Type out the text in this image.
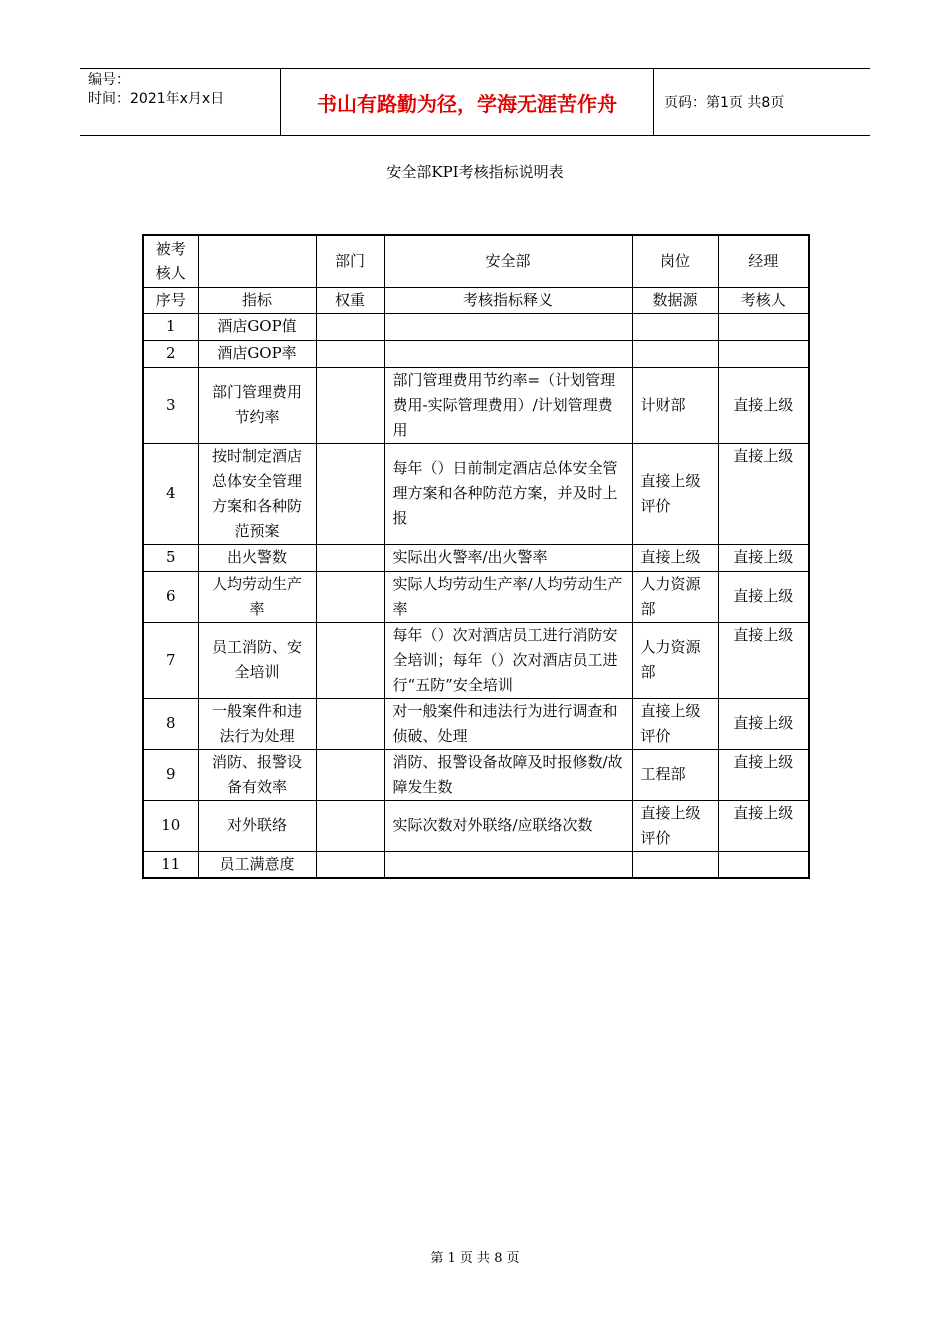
编号：
时间：2021年x月x日	书山有路勤为径，学海无涯苦作舟	页码：第1页 共8页
安全部KPI考核指标说明表
被考核人		部门	安全部	岗位	经理
序号	指标	权重	考核指标释义	数据源	考核人
1	酒店GOP值				
2	酒店GOP率				
3	部门管理费用节约率		部门管理费用节约率=（计划管理费用-实际管理费用）/计划管理费用	计财部	直接上级
4	按时制定酒店总体安全管理方案和各种防范预案		每年（）日前制定酒店总体安全管理方案和各种防范方案，并及时上报	直接上级评价	直接上级
5	出火警数		实际出火警率/出火警率	直接上级	直接上级
6	人均劳动生产率		实际人均劳动生产率/人均劳动生产率	人力资源部	直接上级
7	员工消防、安全培训		每年（）次对酒店员工进行消防安全培训；每年（）次对酒店员工进行“五防”安全培训	人力资源部	直接上级
8	一般案件和违法行为处理		对一般案件和违法行为进行调查和侦破、处理	直接上级评价	直接上级
9	消防、报警设备有效率		消防、报警设备故障及时报修数/故障发生数	工程部	直接上级
10	对外联络		实际次数对外联络/应联络次数	直接上级评价	直接上级
11	员工满意度				
第 1 页 共 8 页
